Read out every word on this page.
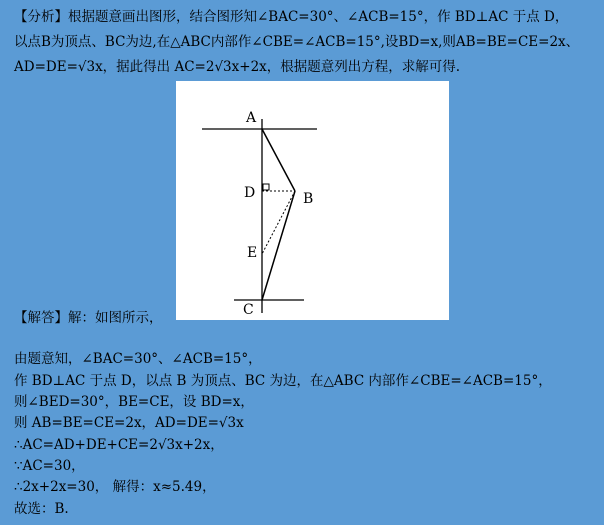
【分析】根据题意画出图形，结合图形知∠BAC=30°、∠ACB=15°，作 BD⊥AC 于点 D，
以点B为顶点、BC为边,在△ABC内部作∠CBE=∠ACB=15°,设BD=x,则AB=BE=CE=2x、
AD=DE=√3x，据此得出 AC=2√3x+2x，根据题意列出方程，求解可得.
A
D	B
E
C
【解答】解：如图所示，
由题意知，∠BAC=30°、∠ACB=15°，
作 BD⊥AC 于点 D，以点 B 为顶点、BC 为边，在△ABC 内部作∠CBE=∠ACB=15°，
则∠BED=30°，BE=CE，设 BD=x，
则 AB=BE=CE=2x，AD=DE=√3x
∴AC=AD+DE+CE=2√3x+2x，
∵AC=30，
∴2x+2x=30， 解得：x≈5.49，
故选：B.
